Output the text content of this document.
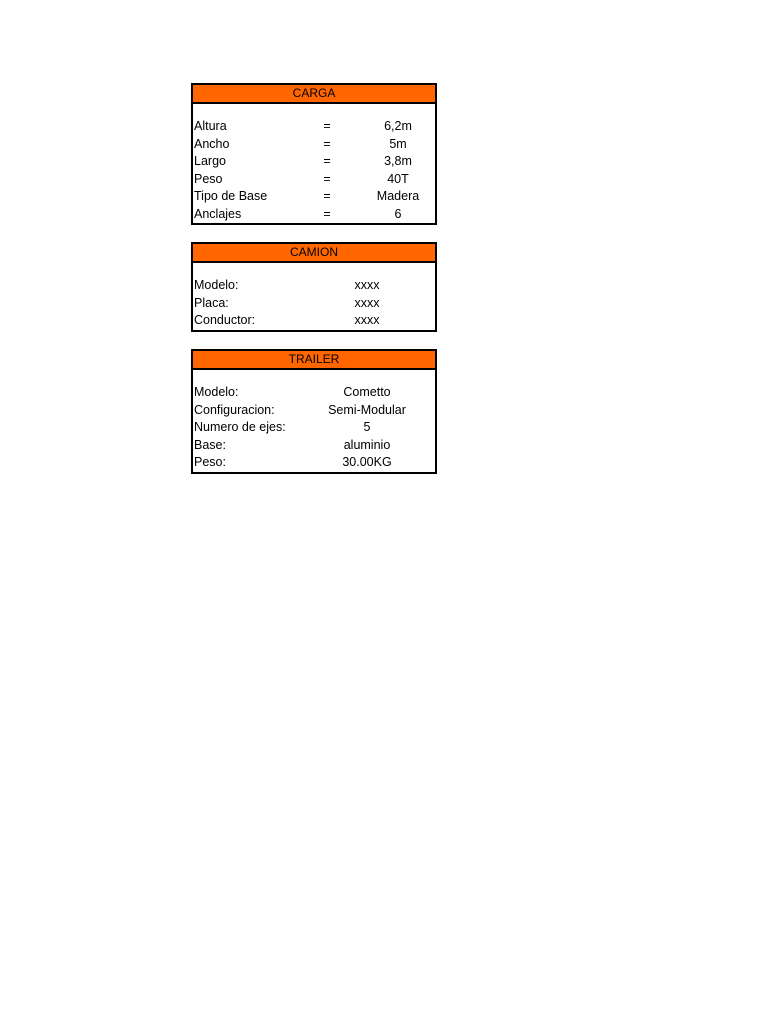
CARGA
Altura	=	6,2m
Ancho	=	5m
Largo	=	3,8m
Peso	=	40T
Tipo de Base	=	Madera
Anclajes	=	6
CAMION
Modelo:	xxxx
Placa:	xxxx
Conductor:	xxxx
TRAILER
Modelo:	Cometto
Configuracion:	Semi-Modular
Numero de ejes:	5
Base:	aluminio
Peso:	30.00KG
